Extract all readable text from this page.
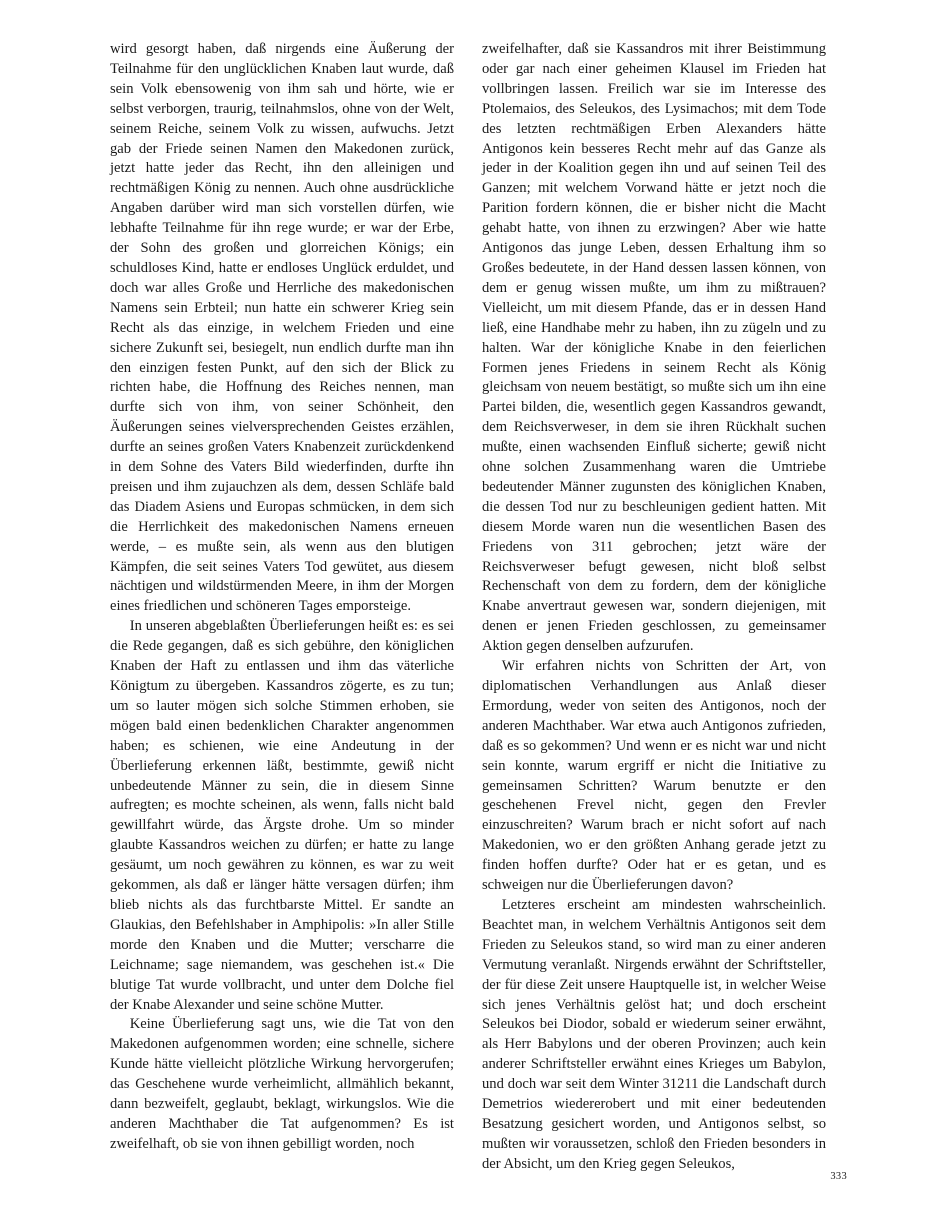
wird gesorgt haben, daß nirgends eine Äußerung der Teilnahme für den unglücklichen Knaben laut wurde, daß sein Volk ebensowenig von ihm sah und hörte, wie er selbst verborgen, traurig, teilnahmslos, ohne von der Welt, seinem Reiche, seinem Volk zu wissen, aufwuchs. Jetzt gab der Friede seinen Namen den Makedonen zurück, jetzt hatte jeder das Recht, ihn den alleinigen und rechtmäßigen König zu nennen. Auch ohne ausdrückliche Angaben darüber wird man sich vorstellen dürfen, wie lebhafte Teilnahme für ihn rege wurde; er war der Erbe, der Sohn des großen und glorreichen Königs; ein schuldloses Kind, hatte er endloses Unglück erduldet, und doch war alles Große und Herrliche des makedonischen Namens sein Erbteil; nun hatte ein schwerer Krieg sein Recht als das einzige, in welchem Frieden und eine sichere Zukunft sei, besiegelt, nun endlich durfte man ihn den einzigen festen Punkt, auf den sich der Blick zu richten habe, die Hoffnung des Reiches nennen, man durfte sich von ihm, von seiner Schönheit, den Äußerungen seines vielversprechenden Geistes erzählen, durfte an seines großen Vaters Knabenzeit zurückdenkend in dem Sohne des Vaters Bild wiederfinden, durfte ihn preisen und ihm zujauchzen als dem, dessen Schläfe bald das Diadem Asiens und Europas schmücken, in dem sich die Herrlichkeit des makedonischen Namens erneuen werde, – es mußte sein, als wenn aus den blutigen Kämpfen, die seit seines Vaters Tod gewütet, aus diesem nächtigen und wildstürmenden Meere, in ihm der Morgen eines friedlichen und schöneren Tages emporsteige.

In unseren abgeblaßten Überlieferungen heißt es: es sei die Rede gegangen, daß es sich gebühre, den königlichen Knaben der Haft zu entlassen und ihm das väterliche Königtum zu übergeben. Kassandros zögerte, es zu tun; um so lauter mögen sich solche Stimmen erhoben, sie mögen bald einen bedenklichen Charakter angenommen haben; es schienen, wie eine Andeutung in der Überlieferung erkennen läßt, bestimmte, gewiß nicht unbedeutende Männer zu sein, die in diesem Sinne aufregten; es mochte scheinen, als wenn, falls nicht bald gewillfahrt würde, das Ärgste drohe. Um so minder glaubte Kassandros weichen zu dürfen; er hatte zu lange gesäumt, um noch gewähren zu können, es war zu weit gekommen, als daß er länger hätte versagen dürfen; ihm blieb nichts als das furchtbarste Mittel. Er sandte an Glaukias, den Befehlshaber in Amphipolis: »In aller Stille morde den Knaben und die Mutter; verscharre die Leichname; sage niemandem, was geschehen ist.« Die blutige Tat wurde vollbracht, und unter dem Dolche fiel der Knabe Alexander und seine schöne Mutter.

Keine Überlieferung sagt uns, wie die Tat von den Makedonen aufgenommen worden; eine schnelle, sichere Kunde hätte vielleicht plötzliche Wirkung hervorgerufen; das Geschehene wurde verheimlicht, allmählich bekannt, dann bezweifelt, geglaubt, beklagt, wirkungslos. Wie die anderen Machthaber die Tat aufgenommen? Es ist zweifelhaft, ob sie von ihnen gebilligt worden, noch

zweifelhafter, daß sie Kassandros mit ihrer Beistimmung oder gar nach einer geheimen Klausel im Frieden hat vollbringen lassen. Freilich war sie im Interesse des Ptolemaios, des Seleukos, des Lysimachos; mit dem Tode des letzten rechtmäßigen Erben Alexanders hätte Antigonos kein besseres Recht mehr auf das Ganze als jeder in der Koalition gegen ihn und auf seinen Teil des Ganzen; mit welchem Vorwand hätte er jetzt noch die Parition fordern können, die er bisher nicht die Macht gehabt hatte, von ihnen zu erzwingen? Aber wie hatte Antigonos das junge Leben, dessen Erhaltung ihm so Großes bedeutete, in der Hand dessen lassen können, von dem er genug wissen mußte, um ihm zu mißtrauen? Vielleicht, um mit diesem Pfande, das er in dessen Hand ließ, eine Handhabe mehr zu haben, ihn zu zügeln und zu halten. War der königliche Knabe in den feierlichen Formen jenes Friedens in seinem Recht als König gleichsam von neuem bestätigt, so mußte sich um ihn eine Partei bilden, die, wesentlich gegen Kassandros gewandt, dem Reichsverweser, in dem sie ihren Rückhalt suchen mußte, einen wachsenden Einfluß sicherte; gewiß nicht ohne solchen Zusammenhang waren die Umtriebe bedeutender Männer zugunsten des königlichen Knaben, die dessen Tod nur zu beschleunigen gedient hatten. Mit diesem Morde waren nun die wesentlichen Basen des Friedens von 311 gebrochen; jetzt wäre der Reichsverweser befugt gewesen, nicht bloß selbst Rechenschaft von dem zu fordern, dem der königliche Knabe anvertraut gewesen war, sondern diejenigen, mit denen er jenen Frieden geschlossen, zu gemeinsamer Aktion gegen denselben aufzurufen.

Wir erfahren nichts von Schritten der Art, von diplomatischen Verhandlungen aus Anlaß dieser Ermordung, weder von seiten des Antigonos, noch der anderen Machthaber. War etwa auch Antigonos zufrieden, daß es so gekommen? Und wenn er es nicht war und nicht sein konnte, warum ergriff er nicht die Initiative zu gemeinsamen Schritten? Warum benutzte er den geschehenen Frevel nicht, gegen den Frevler einzuschreiten? Warum brach er nicht sofort auf nach Makedonien, wo er den größten Anhang gerade jetzt zu finden hoffen durfte? Oder hat er es getan, und es schweigen nur die Überlieferungen davon?

Letzteres erscheint am mindesten wahrscheinlich. Beachtet man, in welchem Verhältnis Antigonos seit dem Frieden zu Seleukos stand, so wird man zu einer anderen Vermutung veranlaßt. Nirgends erwähnt der Schriftsteller, der für diese Zeit unsere Hauptquelle ist, in welcher Weise sich jenes Verhältnis gelöst hat; und doch erscheint Seleukos bei Diodor, sobald er wiederum seiner erwähnt, als Herr Babylons und der oberen Provinzen; auch kein anderer Schriftsteller erwähnt eines Krieges um Babylon, und doch war seit dem Winter 31211 die Landschaft durch Demetrios wiedererobert und mit einer bedeutenden Besatzung gesichert worden, und Antigonos selbst, so mußten wir voraussetzen, schloß den Frieden besonders in der Absicht, um den Krieg gegen Seleukos,

333
